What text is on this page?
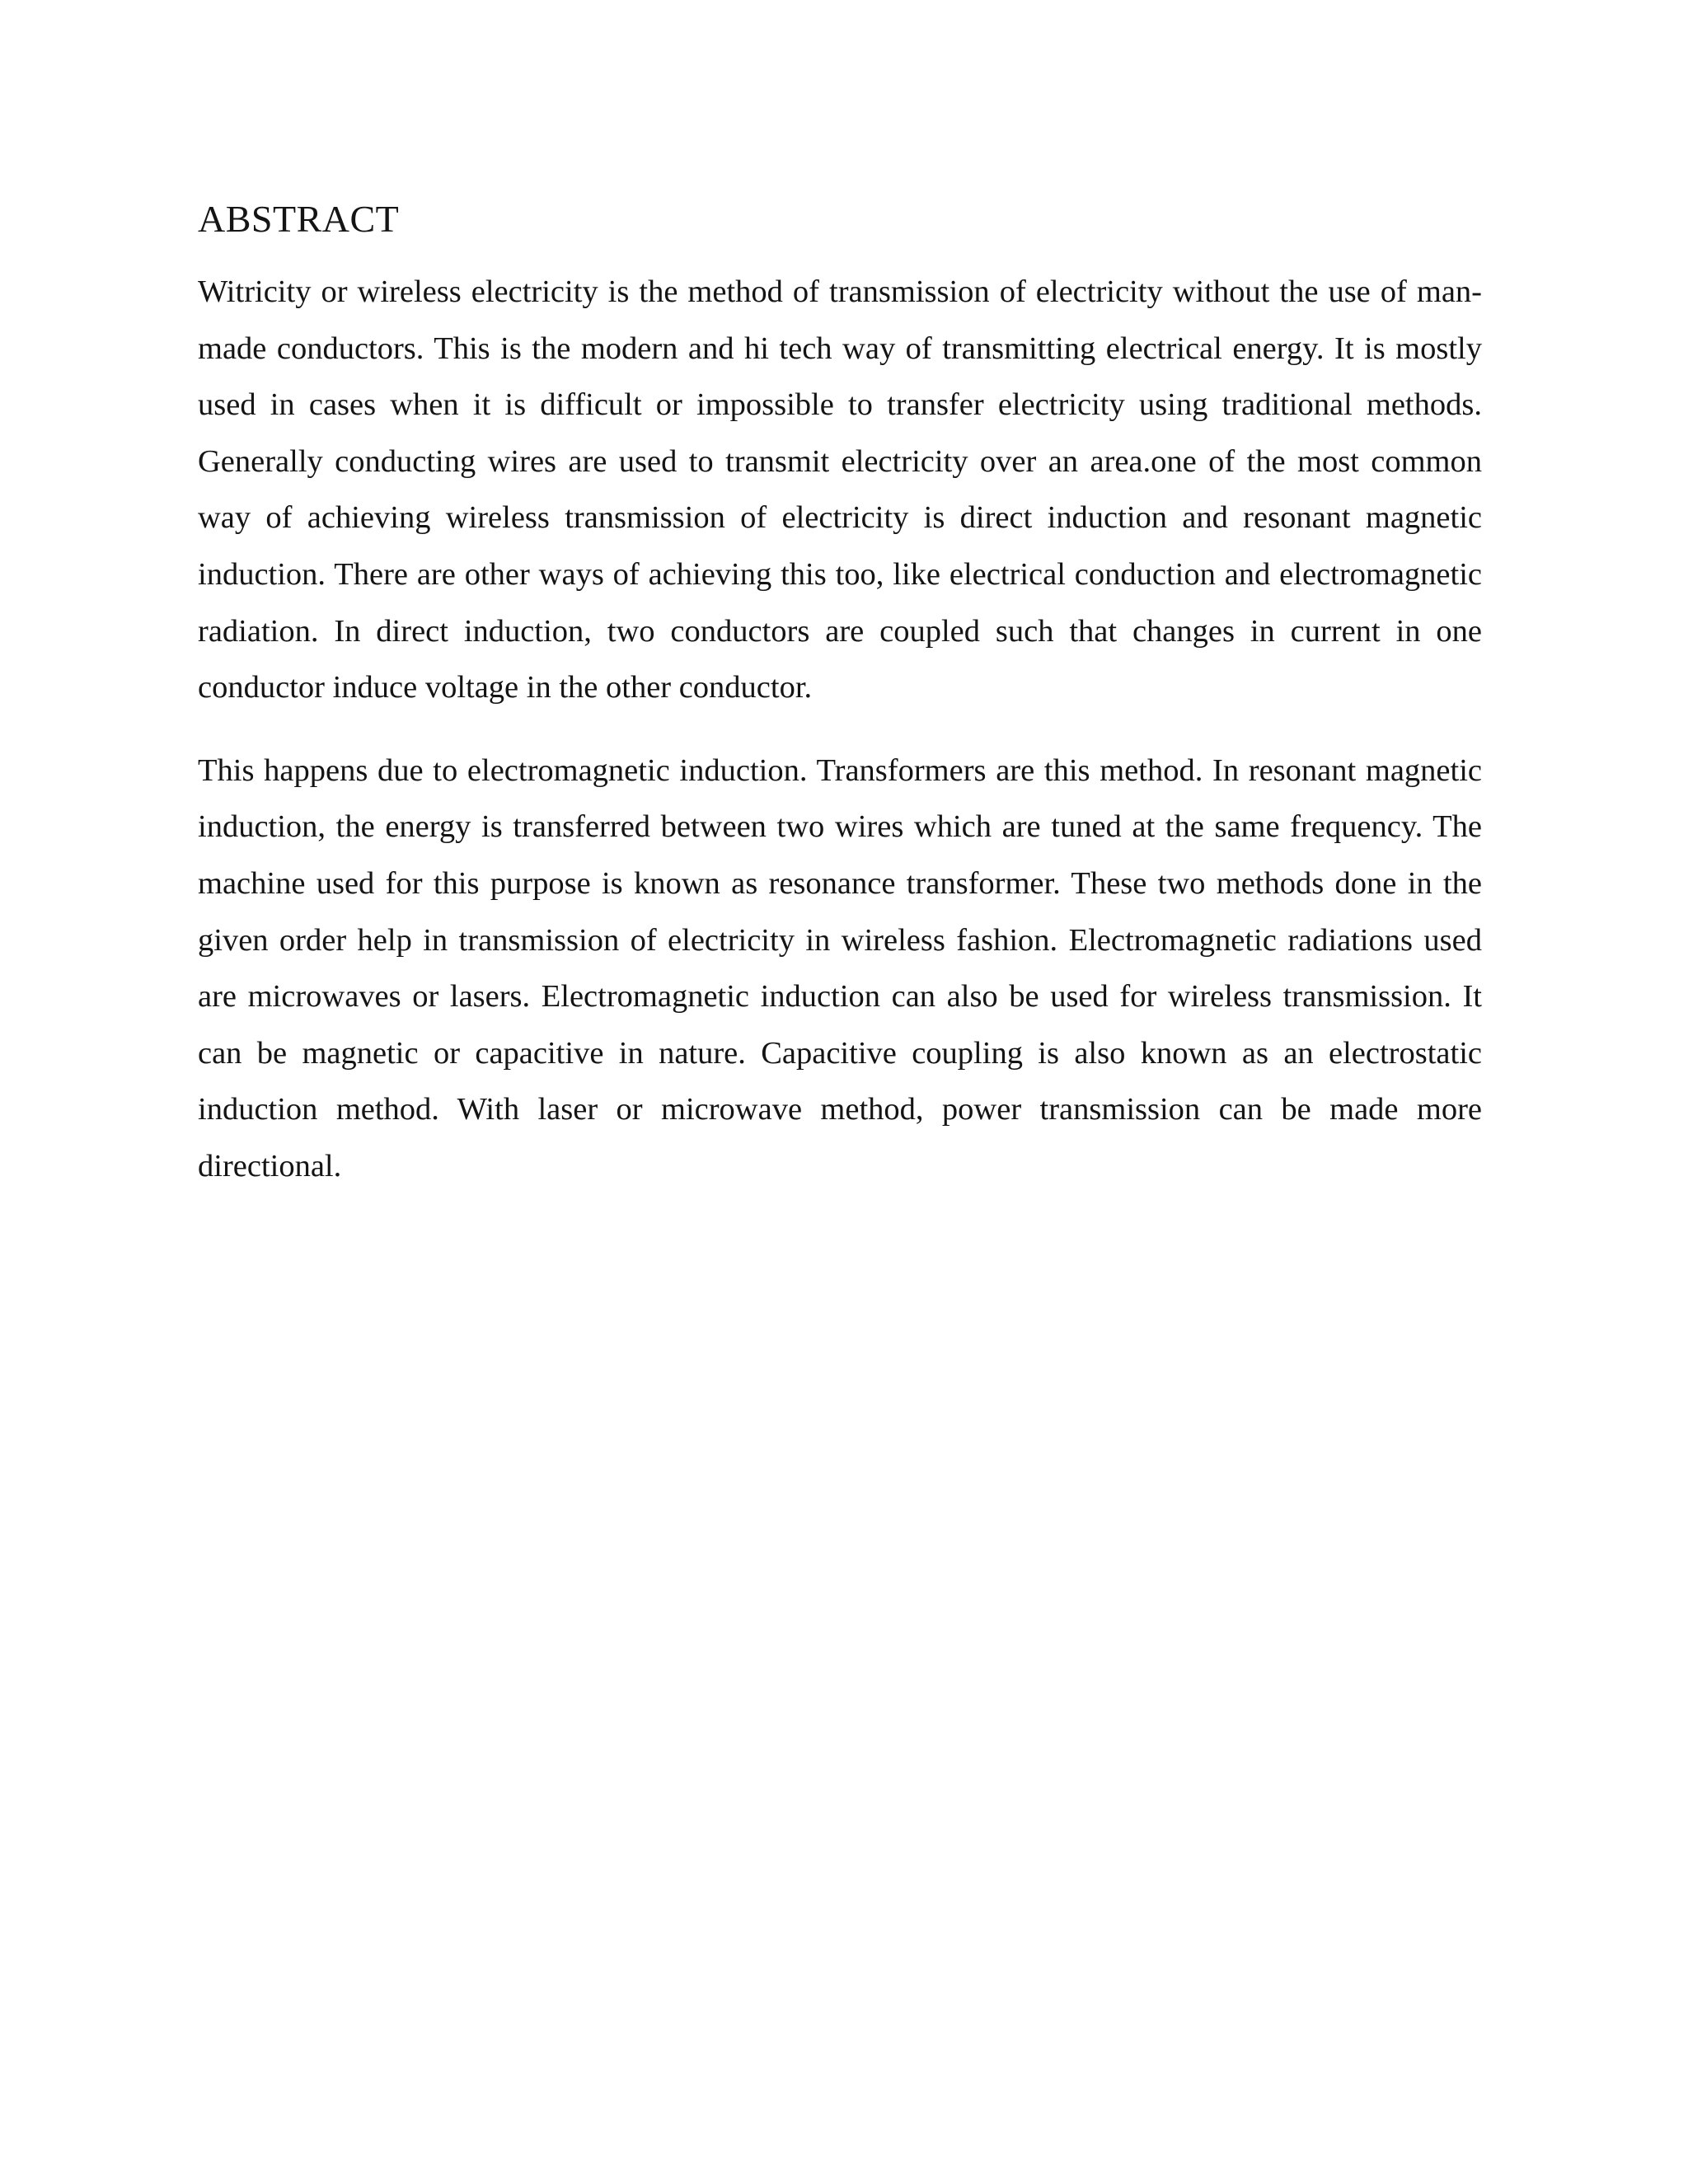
ABSTRACT

Witricity or wireless electricity is the method of transmission of electricity without the use of man-made conductors. This is the modern and hi tech way of transmitting electrical energy. It is mostly used in cases when it is difficult or impossible to transfer electricity using traditional methods. Generally conducting wires are used to transmit electricity over an area.one of the most common way of achieving wireless transmission of electricity is direct induction and resonant magnetic induction. There are other ways of achieving this too, like electrical conduction and electromagnetic radiation. In direct induction, two conductors are coupled such that changes in current in one conductor induce voltage in the other conductor.

This happens due to electromagnetic induction. Transformers are this method. In resonant magnetic induction, the energy is transferred between two wires which are tuned at the same frequency. The machine used for this purpose is known as resonance transformer. These two methods done in the given order help in transmission of electricity in wireless fashion. Electromagnetic radiations used are microwaves or lasers. Electromagnetic induction can also be used for wireless transmission. It can be magnetic or capacitive in nature. Capacitive coupling is also known as an electrostatic induction method. With laser or microwave method, power transmission can be made more directional.
